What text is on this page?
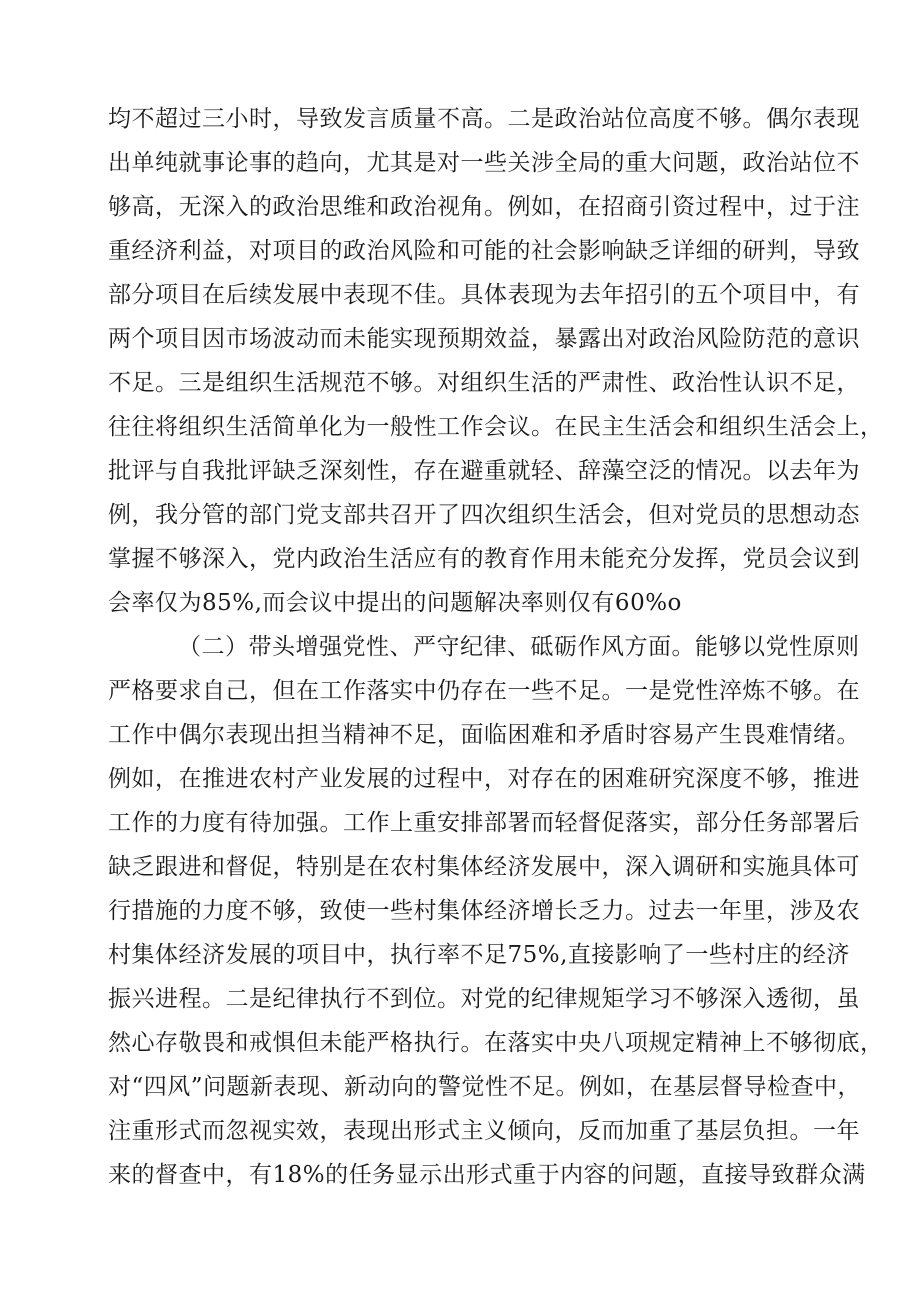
均不超过三小时，导致发言质量不高。二是政治站位高度不够。偶尔表现
出单纯就事论事的趋向，尤其是对一些关涉全局的重大问题，政治站位不
够高，无深入的政治思维和政治视角。例如，在招商引资过程中，过于注
重经济利益，对项目的政治风险和可能的社会影响缺乏详细的研判，导致
部分项目在后续发展中表现不佳。具体表现为去年招引的五个项目中，有
两个项目因市场波动而未能实现预期效益，暴露出对政治风险防范的意识
不足。三是组织生活规范不够。对组织生活的严肃性、政治性认识不足，
往往将组织生活简单化为一般性工作会议。在民主生活会和组织生活会上，
批评与自我批评缺乏深刻性，存在避重就轻、辞藻空泛的情况。以去年为
例，我分管的部门党支部共召开了四次组织生活会，但对党员的思想动态
掌握不够深入，党内政治生活应有的教育作用未能充分发挥，党员会议到
会率仅为85%,而会议中提出的问题解决率则仅有60%o
（二）带头增强党性、严守纪律、砥砺作风方面。能够以党性原则
严格要求自己，但在工作落实中仍存在一些不足。一是党性淬炼不够。在
工作中偶尔表现出担当精神不足，面临困难和矛盾时容易产生畏难情绪。
例如，在推进农村产业发展的过程中，对存在的困难研究深度不够，推进
工作的力度有待加强。工作上重安排部署而轻督促落实，部分任务部署后
缺乏跟进和督促，特别是在农村集体经济发展中，深入调研和实施具体可
行措施的力度不够，致使一些村集体经济增长乏力。过去一年里，涉及农
村集体经济发展的项目中，执行率不足75%,直接影响了一些村庄的经济
振兴进程。二是纪律执行不到位。对党的纪律规矩学习不够深入透彻，虽
然心存敬畏和戒惧但未能严格执行。在落实中央八项规定精神上不够彻底，
对“四风”问题新表现、新动向的警觉性不足。例如，在基层督导检查中，
注重形式而忽视实效，表现出形式主义倾向，反而加重了基层负担。一年
来的督查中，有18%的任务显示出形式重于内容的问题，直接导致群众满
